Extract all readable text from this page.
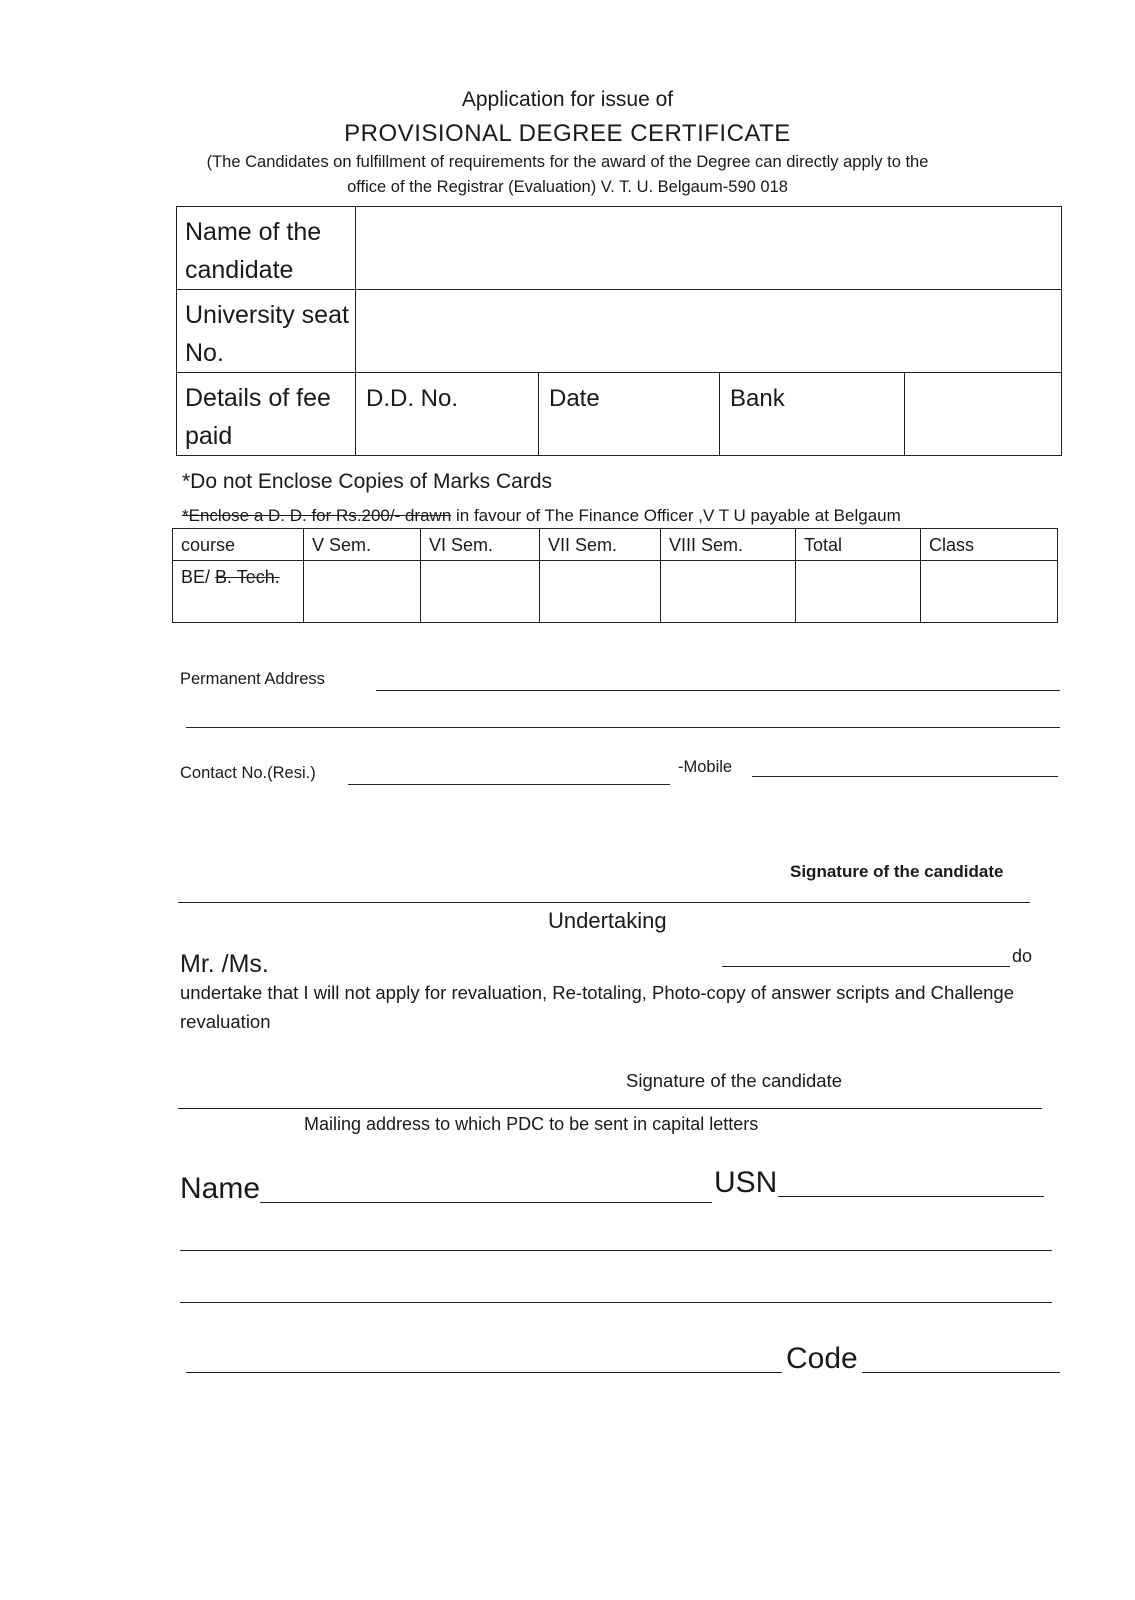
Application for issue of
PROVISIONAL DEGREE CERTIFICATE
(The Candidates on fulfillment of requirements for the award of the Degree can directly apply to the
office of the Registrar (Evaluation) V. T. U. Belgaum-590 018
Name of the candidate				
University seat No.				
Details of fee paid	D.D. No.	Date	Bank	
*Do not Enclose Copies of Marks Cards
*Enclose a D. D. for Rs.200/- drawn in favour of The Finance Officer ,V T U payable at Belgaum
course	V Sem.	VI Sem.	VII Sem.	VIII Sem.	Total	Class
BE/ B. Tech.						
Permanent Address
Contact No.(Resi.)	-Mobile
Signature of the candidate
Undertaking
Mr. /Ms.	do
undertake that I will not apply for revaluation, Re-totaling, Photo-copy of answer scripts and Challenge revaluation
Signature of the candidate
Mailing address to which PDC to be sent in capital letters
Name	USN
Code
